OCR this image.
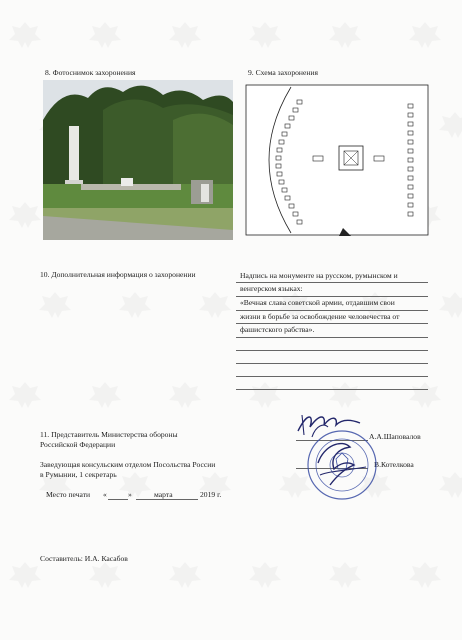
8. Фотоснимок захоронения	9. Схема захоронения
10. Дополнительная информация о захоронении	Надпись на монументе на русском, румынском и
венгерском языках:
«Вечная слава советской армии, отдавшим свои
жизни в борьбе за освобождение человечества от
фашистского рабства».
11. Представитель Министерства обороны
Российской Федерации
А.А.Шаповалов
Заведующая консульским отделом Посольства России
в Румынии, 1 секретарь
В.Котелкова
Место печати «	»	марта	2019 г.
Составитель: И.А. Касабов
